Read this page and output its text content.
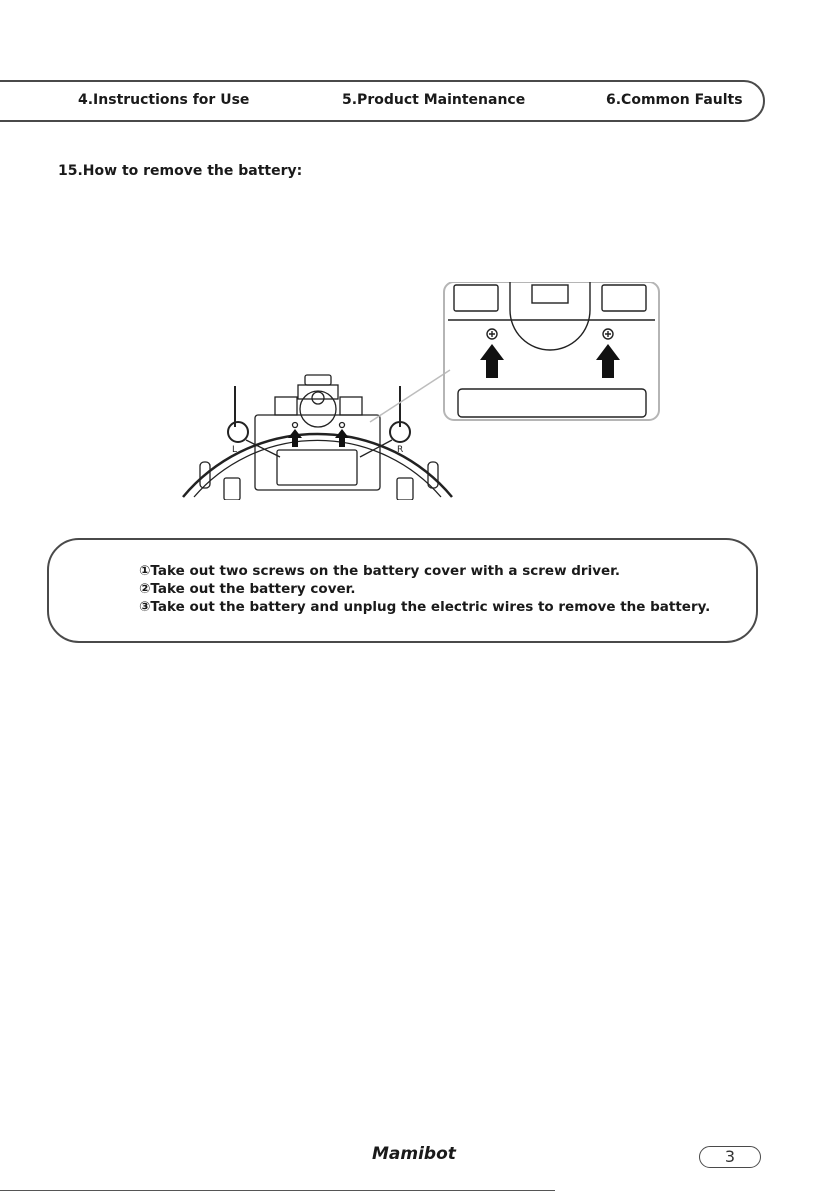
4.Instructions for Use	5.Product Maintenance	6.Common Faults
15.How to remove the battery:
L	R
①Take out two screws on the battery cover with a screw driver.
②Take out the battery cover.
③Take out the battery and unplug the electric wires to remove the battery.
Mamibot	3
